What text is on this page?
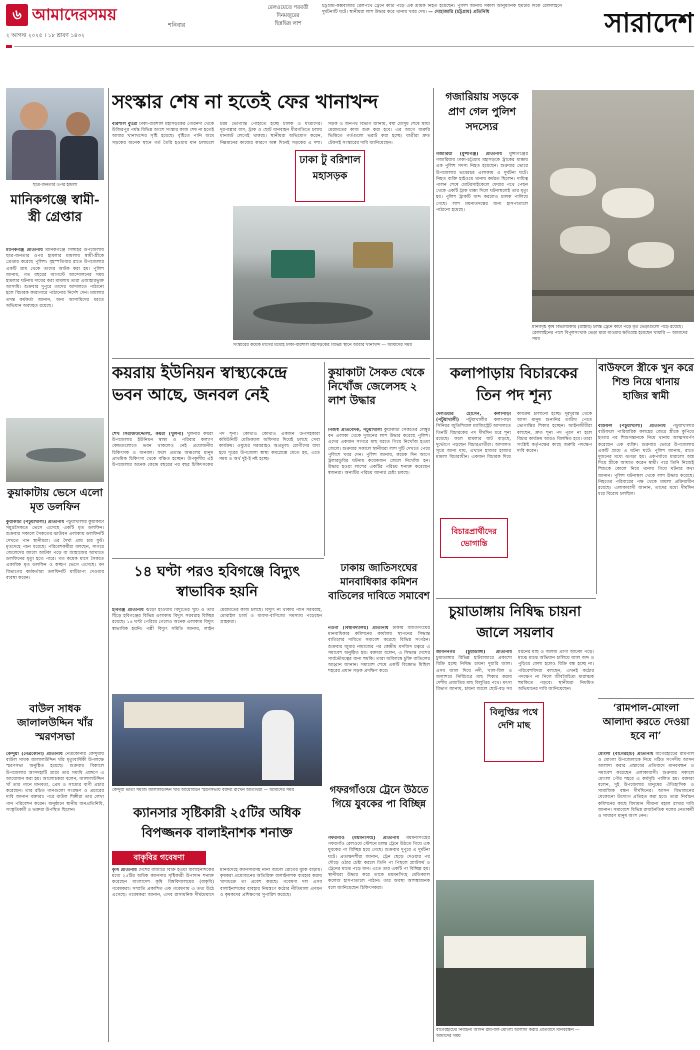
৬ আমাদেরসময়
শনিবার
২ আগস্ট ২০২৫ । ১৮ শ্রাবণ ১৪৩২
রেলওয়েতে পরবর্তী
দিনমজুরের
ছিন্নভিন্ন লাশ
চট্টগ্রাম-কক্সবাজার রেলপথে ট্রেনে কাটা পড়ে এক শ্রমিক নিহত হয়েছেন। পুলিশ জানায় সকাল আনুমানিক ছয়টার দিকে রেললাইনে দুর্ঘটনাটি ঘটে। স্থানীয়রা লাশ উদ্ধার করে থানায় খবর দেয়। — দোহাজারি (চট্টগ্রাম) প্রতিনিধি	সারাদেশ
ছাত্র-জনতার ওপর হামলা
মানিকগঞ্জে স্বামী-স্ত্রী গ্রেপ্তার
মানিকগঞ্জ প্রতিনিধি মানিকগঞ্জে সিঙ্গাইর উপজেলায় ছাত্র-জনতার ওপর হামলার মামলায় স্বামী-স্ত্রীকে গ্রেপ্তার করেছে পুলিশ। বৃহস্পতিবার রাতে উপজেলার একটি গ্রাম থেকে তাদের আটক করা হয়। পুলিশ জানায়, গত বছরের আগস্টে আন্দোলনের সময় হামলার ঘটনায় দায়ের করা মামলায় তারা এজাহারভুক্ত আসামি। শুক্রবার দুপুরে তাদের আদালতে পাঠানো হলে বিচারক কারাগারে পাঠানোর নির্দেশ দেন। মামলার তদন্ত কর্মকর্তা জানান, অন্য আসামিদের ধরতে অভিযান অব্যাহত রয়েছে।
কুয়াকাটায় ভেসে এলো মৃত ডলফিন
কুয়াকাটা (পটুয়াখালী) প্রতিনিধি পটুয়াখালীর কুয়াকাটা সমুদ্রসৈকতে ভেসে এসেছে একটি মৃত ডলফিন। শুক্রবার সকালে সৈকতের ঝাউবন এলাকায় ডলফিনটি দেখতে পান স্থানীয়রা। এর দৈর্ঘ্য প্রায় চার ফুট। মৃতদেহে পচন ধরেছে। পরিবেশকর্মীরা বলছেন, সাগরে জেলেদের জালে আটকা পড়ে বা জাহাজের আঘাতে ডলফিনের মৃত্যু হতে পারে। গত কয়েক মাসে সৈকতে একাধিক মৃত ডলফিন ও কচ্ছপ ভেসে এসেছে। বন বিভাগের কর্মকর্তারা ডলফিনটি মাটিচাপা দেওয়ার ব্যবস্থা করেন।
বাউল সাধক জালালউদ্দিন খাঁর স্মরণসভা
কেন্দুয়া (নেত্রকোনা) প্রতিনিধি নেত্রকোনার কেন্দুয়ায় বাউল সাধক জালালউদ্দিন খাঁর মৃত্যুবার্ষিকী উপলক্ষে স্মরণসভা অনুষ্ঠিত হয়েছে। শুক্রবার বিকালে উপজেলার আসদহাটি গ্রামে তার সমাধি প্রাঙ্গণে এ আয়োজন করা হয়। আলোচকরা বলেন, জালালউদ্দিন খাঁ তার গানে মানবতা, প্রেম ও সাম্যের বাণী প্রচার করেছেন। তার রচিত গানগুলো সংরক্ষণ ও প্রচারের দাবি জানান বক্তারা। পরে বাউল শিল্পীরা তার লেখা গান পরিবেশন করেন। অনুষ্ঠানে স্থানীয় জনপ্রতিনিধি, সংস্কৃতিকর্মী ও ভক্তরা উপস্থিত ছিলেন।
সংস্কার শেষ না হতেই ফের খানাখন্দ
বরিশাল ব্যুরো ঢাকা-বরিশাল মহাসড়কের গৌরনদী থেকে উজিরপুর পর্যন্ত বিভিন্ন অংশে সংস্কার কাজ শেষ না হতেই আবার খানাখন্দের সৃষ্টি হয়েছে। বৃষ্টিতে পানি জমে সড়কের অনেক স্থানে গর্ত তৈরি হওয়ায় যান চলাচলে চরম ভোগান্তি পোহাতে হচ্ছে চালক ও যাত্রীদের। দূরপাল্লার বাস, ট্রাক ও ছোট যানবাহন ধীরগতিতে চলায় যানজট লেগেই থাকছে। স্থানীয়রা অভিযোগ করেন, নিম্নমানের কাজের কারণে অল্প দিনেই সড়কের এ দশা। সড়ক ও জনপথ বিভাগ জানায়, বর্ষা মৌসুম শেষে স্থায়ী মেরামতের কাজ শুরু করা হবে। এর আগে জরুরি ভিত্তিতে গর্তগুলো ভরাট করা হচ্ছে। যাত্রীরা দ্রুত টেকসই সংস্কারের দাবি জানিয়েছেন।
ঢাকা টু বরিশাল মহাসড়ক
সংস্কারের কয়েক মাসের মধ্যেই ঢাকা-বরিশাল মহাসড়কের বিভিন্ন স্থানে আবার খানাখন্দ — আমাদের সময়
কয়রায় ইউনিয়ন স্বাস্থ্যকেন্দ্রে ভবন আছে, জনবল নেই
শেখ সিরাজউদ্দৌলা, কয়রা (খুলনা) খুলনার কয়রা উপজেলার ইউনিয়ন স্বাস্থ্য ও পরিবার কল্যাণ কেন্দ্রগুলোতে ভবন থাকলেও নেই প্রয়োজনীয় চিকিৎসক ও জনবল। ফলে প্রত্যন্ত অঞ্চলের মানুষ প্রাথমিক চিকিৎসা থেকে বঞ্চিত হচ্ছেন। উপকূলীয় এই উপজেলার অনেক কেন্দ্রে বছরের পর বছর চিকিৎসকের পদ শূন্য। কোথাও কোথাও একজন উপসহকারী কমিউনিটি মেডিক্যাল অফিসার দিয়েই চলছে সেবা কার্যক্রম। ওষুধের সরবরাহও অপ্রতুল। রোগীদের বাধ্য হয়ে দূরের উপজেলা স্বাস্থ্য কমপ্লেক্সে যেতে হয়, এতে সময় ও অর্থ দুই-ই নষ্ট হচ্ছে।
কুয়াকাটা সৈকত থেকে নিখোঁজ জেলেসহ ২ লাশ উদ্ধার
নিজস্ব প্রতিবেদক, পটুয়াখালী কুয়াকাটা সৈকতের লেম্বুর বন এলাকা থেকে দুজনের লাশ উদ্ধার করেছে পুলিশ। এদের একজন সাগরে মাছ ধরতে গিয়ে নিখোঁজ হওয়া জেলে। শুক্রবার সকালে স্থানীয়রা লাশ দুটি দেখতে পেয়ে পুলিশে খবর দেন। পুলিশ জানায়, কয়েক দিন আগে ট্রলারডুবির ঘটনায় কয়েকজন জেলে নিখোঁজ হন। উদ্ধার হওয়া লাশের একটির পরিচয় শনাক্ত করেছেন স্বজনরা। অন্যটির পরিচয় জানার চেষ্টা চলছে।
১৪ ঘণ্টা পরও হবিগঞ্জে বিদ্যুৎ স্বাভাবিক হয়নি
হবিগঞ্জ প্রতিনিধি ঝড়ো হাওয়ায় বিদ্যুতের খুঁটি ও তার ছিঁড়ে হবিগঞ্জের বিভিন্ন এলাকায় বিদ্যুৎ সরবরাহ বিচ্ছিন্ন রয়েছে। ১৪ ঘণ্টা পেরিয়ে গেলেও অনেক এলাকায় বিদ্যুৎ স্বাভাবিক হয়নি। পল্লী বিদ্যুৎ সমিতি জানায়, লাইন মেরামতের কাজ চলছে। বিদ্যুৎ না থাকায় পানি সরবরাহ, মোবাইল চার্জ ও ব্যবসা-বাণিজ্যে সমস্যায় পড়েছেন গ্রাহকরা।
ঢাকায় জাতিসংঘের মানবাধিকার কমিশন বাতিলের দাবিতে সমাবেশ
নওগাঁ (বিশ্ববিদ্যালয়) প্রতিনিধি ঢাকায় জাতিসংঘের মানবাধিকার কমিশনের কার্যালয় স্থাপনের সিদ্ধান্ত বাতিলের দাবিতে সমাবেশ করেছে বিভিন্ন সংগঠন। শুক্রবার জুমার নামাজের পর কেন্দ্রীয় মসজিদ চত্বরে এ সমাবেশ অনুষ্ঠিত হয়। বক্তারা বলেন, এ সিদ্ধান্ত দেশের সার্বভৌমত্বের জন্য হুমকি। তারা অবিলম্বে চুক্তি বাতিলের আহ্বান জানান। সমাবেশ শেষে একটি বিক্ষোভ মিছিল শহরের প্রধান সড়ক প্রদক্ষিণ করে।
কেন্দুয়া ভাতা সমাজ জালালউদ্দিন খাঁর আয়োজনে স্মরণসভায় বক্তব্য রাখেন অতিথিরা — আমাদের সময়
ক্যানসার সৃষ্টিকারী ২৫টির অধিক বিপজ্জনক বালাইনাশক শনাক্ত
বাকৃবির গবেষণা
কৃষি প্রতিনিধি দেশের বাজারে বিক্রি হওয়া বালাইনাশকের মধ্যে ২৫টির অধিক ক্যানসার সৃষ্টিকারী উপাদান শনাক্ত করেছেন বাংলাদেশ কৃষি বিশ্ববিদ্যালয়ের (বাকৃবি) গবেষকরা। সম্প্রতি প্রকাশিত এক গবেষণায় এ তথ্য উঠে এসেছে। গবেষকরা জানান, এসব রাসায়নিক দীর্ঘমেয়াদে মানবদেহে ক্যানসারসহ নানা জটিল রোগের ঝুঁকি বাড়ায়। কৃষকরা প্রয়োজনের অতিরিক্ত বালাইনাশক ব্যবহার করায় খাদ্যচক্রে তা প্রবেশ করছে। গবেষণা দল এসব বালাইনাশকের ব্যবহার নিয়ন্ত্রণে কঠোর নীতিমালা প্রণয়ন ও কৃষকদের প্রশিক্ষণের সুপারিশ করেছে।
গফরগাঁওয়ে ট্রেনে উঠতে গিয়ে যুবকের পা বিচ্ছিন্ন
গফরগাঁও (ময়মনসিংহ) প্রতিনিধি ময়মনসিংহের গফরগাঁও রেলওয়ে স্টেশনে চলন্ত ট্রেনে উঠতে গিয়ে এক যুবকের পা বিচ্ছিন্ন হয়ে গেছে। শুক্রবার দুপুরে এ দুর্ঘটনা ঘটে। প্রত্যক্ষদর্শীরা জানান, ট্রেন ছেড়ে দেওয়ার পর দৌড়ে ওঠার চেষ্টা করলে তিনি পা পিছলে প্ল্যাটফর্ম ও ট্রেনের মাঝে পড়ে যান। এতে তার একটি পা বিচ্ছিন্ন হয়। স্থানীয়রা উদ্ধার করে তাকে ময়মনসিংহ মেডিক্যাল কলেজ হাসপাতালে পাঠান। তার অবস্থা আশঙ্কাজনক বলে জানিয়েছেন চিকিৎসকরা।
গজারিয়ায় সড়কে প্রাণ গেল পুলিশ সদস্যের
গজারিয়া (মুন্সীগঞ্জ) প্রতিনিধি মুন্সীগঞ্জের গজারিয়ায় ঢাকা-চট্টগ্রাম মহাসড়কে ট্রাকের ধাক্কায় এক পুলিশ সদস্য নিহত হয়েছেন। শুক্রবার ভোরে উপজেলার ভবেরচর এলাকায় এ দুর্ঘটনা ঘটে। নিহত ব্যক্তি হাইওয়ে থানায় কর্মরত ছিলেন। দায়িত্ব পালন শেষে মোটরসাইকেলে ফেরার পথে পেছন থেকে একটি ট্রাক ধাক্কা দিলে ঘটনাস্থলেই তার মৃত্যু হয়। পুলিশ ট্রাকটি জব্দ করলেও চালক পালিয়ে গেছে। লাশ ময়নাতদন্তের জন্য হাসপাতালে পাঠানো হয়েছে।
মানবসৃষ্ট কৃষি বিভাজিকায় (রাস্তায়) চলন্ত ট্রেনে কাটা পড়ে মৃত ভেড়াগুলো পড়ে রয়েছে। রেললাইনের পাশে বিপুলসংখ্যক ভেড়া মারা যাওয়ায় ক্ষতিগ্রস্ত হয়েছেন খামারি — আমাদের সময়
কলাপাড়ায় বিচারকের তিন পদ শূন্য
দেলওয়ার হোসেন, কলাপাড়া (পটুয়াখালী) পটুয়াখালীর কলাপাড়া সিনিয়র জুডিশিয়াল ম্যাজিস্ট্রেট আদালতে তিনটি বিচারকের পদ দীর্ঘদিন ধরে শূন্য রয়েছে। ফলে মামলার জট বাড়ছে, দুর্ভোগে পড়ছেন বিচারপ্রার্থীরা। আদালত সূত্রে জানা যায়, এখানে হাজার হাজার মামলা বিচারাধীন। একজন বিচারক দিয়ে কার্যক্রম চালানো হচ্ছে। দূরদূরান্ত থেকে আসা মানুষ শুনানির তারিখ পেতে ভোগান্তির শিকার হচ্ছেন। আইনজীবীরা বলছেন, দ্রুত শূন্য পদ পূরণ না হলে বিচার কার্যক্রম আরও বিলম্বিত হবে। তারা সংশ্লিষ্ট কর্তৃপক্ষের কাছে জরুরি পদক্ষেপ দাবি করেন।
বিচারপ্রার্থীদের ভোগান্তি
বাউফলে স্ত্রীকে খুন করে শিশু নিয়ে থানায় হাজির স্বামী
বাউফল (পটুয়াখালী) প্রতিনিধি পটুয়াখালীর বাউফলে পারিবারিক কলহের জেরে স্ত্রীকে কুপিয়ে হত্যার পর শিশুসন্তানকে নিয়ে থানায় আত্মসমর্পণ করেছেন এক ব্যক্তি। শুক্রবার ভোরে উপজেলার একটি গ্রামে এ ঘটনা ঘটে। পুলিশ জানায়, রাতে দুজনের মধ্যে ঝগড়া হয়। একপর্যায়ে ধারালো অস্ত্র দিয়ে স্ত্রীকে আঘাত করেন স্বামী। পরে তিনি নিজেই শিশুকে কোলে নিয়ে থানায় গিয়ে ঘটনার কথা জানান। পুলিশ ঘটনাস্থল থেকে লাশ উদ্ধার করেছে। নিহতের পরিবারের পক্ষ থেকে মামলা প্রক্রিয়াধীন রয়েছে। এলাকাবাসী জানান, তাদের মধ্যে দীর্ঘদিন ধরে বিরোধ চলছিল।
চুয়াডাঙ্গায় নিষিদ্ধ চায়না জালে সয়লাব
জীবননগর (চুয়াডাঙ্গা) প্রতিনিধি চুয়াডাঙ্গার বিভিন্ন হাটবাজারে প্রকাশ্যে বিক্রি হচ্ছে নিষিদ্ধ চায়না দুয়ারি জাল। এসব জাল দিয়ে নদী, খাল-বিল ও জলাশয়ে নির্বিচারে মাছ শিকার করায় দেশীয় প্রজাতির মাছ বিলুপ্তির পথে। মৎস্য বিভাগ জানায়, চায়না জালে ছোট-বড় সব ধরনের মাছ ও জলজ প্রাণী আটকা পড়ে। মাঝে মাঝে অভিযান চালিয়ে জাল জব্দ ও পুড়িয়ে ফেলা হলেও বিক্রি বন্ধ হচ্ছে না। পরিবেশবিদরা বলছেন, এখনই কঠোর পদক্ষেপ না নিলে জীববৈচিত্র্য মারাত্মক হুমকিতে পড়বে। স্থানীয়রা নিয়মিত অভিযানের দাবি জানিয়েছেন।
বিলুপ্তির পথে দেশি মাছ
‘রামপাল-মোংলা আলাদা করতে দেওয়া হবে না’
মোংলা (বাগেরহাট) প্রতিনিধি বাগেরহাটের রামপাল ও মোংলা উপজেলাকে নিয়ে গঠিত সংসদীয় আসন আলাদা করার প্রস্তাবের প্রতিবাদে মানববন্ধন ও সমাবেশ করেছেন এলাকাবাসী। শুক্রবার সকালে মোংলা পৌর শহরে এ কর্মসূচি পালিত হয়। বক্তারা বলেন, দুই উপজেলার মানুষের ঐতিহাসিক ও সামাজিক বন্ধন দীর্ঘদিনের। আসন বিভাজনের যেকোনো উদ্যোগ প্রতিহত করা হবে। তারা নির্বাচন কমিশনের কাছে বিদ্যমান সীমানা বহাল রাখার দাবি জানান। সমাবেশে বিভিন্ন রাজনৈতিক দলের নেতাকর্মী ও সাধারণ মানুষ অংশ নেন।
বাগেরহাটের নির্বাচনী আসন রামপাল-মোংলা আলাদা করার প্রতিবাদে মানববন্ধন — আমাদের সময়
